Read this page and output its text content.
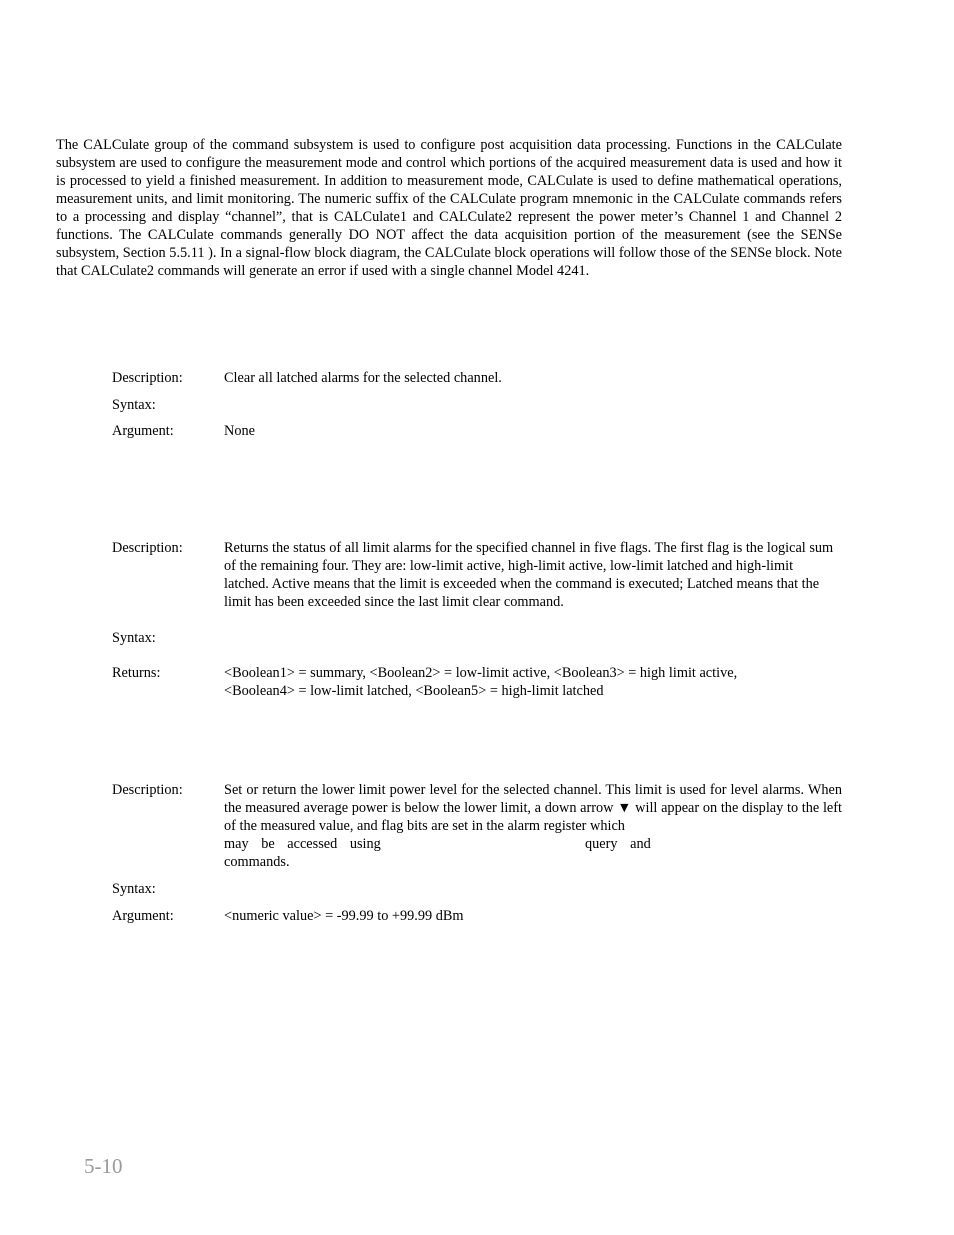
The CALCulate group of the command subsystem is used to configure post acquisition data processing. Functions in the CALCulate subsystem are used to configure the measurement mode and control which portions of the acquired measurement data is used and how it is processed to yield a finished measurement. In addition to measurement mode, CALCulate is used to define mathematical operations, measurement units, and limit monitoring. The numeric suffix of the CALCulate program mnemonic in the CALCulate commands refers to a processing and display “channel”, that is CALCulate1 and CALCulate2 represent the power meter’s Channel 1 and Channel 2 functions. The CALCulate commands generally DO NOT affect the data acquisition portion of the measurement (see the SENSe subsystem, Section 5.5.11 ). In a signal-flow block diagram, the CALCulate block operations will follow those of the SENSe block. Note that CALCulate2 commands will generate an error if used with a single channel Model 4241.

Description:	Clear all latched alarms for the selected channel.

Syntax:
Argument:	None

Description:	Returns the status of all limit alarms for the specified channel in five flags. The first flag is the logical sum of the remaining four. They are: low-limit active, high-limit active, low-limit latched and high-limit latched. Active means that the limit is exceeded when the command is executed; Latched means that the limit has been exceeded since the last limit clear command.

Syntax:
Returns:	<Boolean1> = summary, <Boolean2> = low-limit active, <Boolean3> = high limit active,

<Boolean4> = low-limit latched, <Boolean5> = high-limit latched

Description:	Set or return the lower limit power level for the selected channel. This limit is used for level alarms. When the measured average power is below the lower limit, a down arrow ▼ will appear on the display to the left of the measured value, and flag bits are set in the alarm register which

may be accessed using	query and
commands.
Syntax:
Argument:	<numeric value> = -99.99 to +99.99 dBm

5-10
